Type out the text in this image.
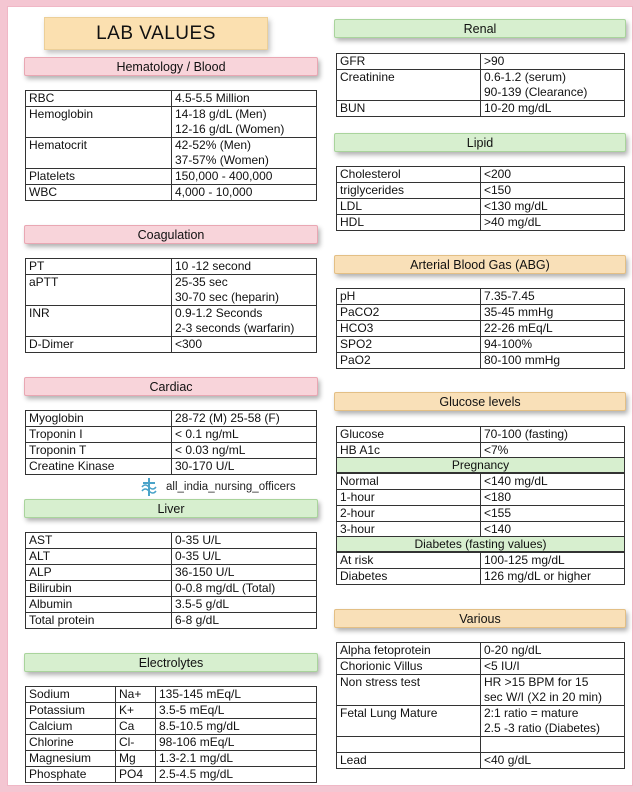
LAB VALUES
Hematology / Blood
RBC	4.5-5.5 Million
Hemoglobin	14-18 g/dL (Men)
12-16 g/dL (Women)
Hematocrit	42-52% (Men)
37-57% (Women)
Platelets	150,000 - 400,000
WBC	4,000 - 10,000
Coagulation
PT	10 -12 second
aPTT	25-35 sec
30-70 sec (heparin)
INR	0.9-1.2 Seconds
2-3 seconds (warfarin)
D-Dimer	<300
Cardiac
Myoglobin	28-72 (M) 25-58 (F)
Troponin I	< 0.1 ng/mL
Troponin T	< 0.03 ng/mL
Creatine Kinase	30-170 U/L
all_india_nursing_officers
Liver
AST	0-35 U/L
ALT	0-35 U/L
ALP	36-150 U/L
Bilirubin	0-0.8 mg/dL (Total)
Albumin	3.5-5 g/dL
Total protein	6-8 g/dL
Electrolytes
Sodium	Na+	135-145 mEq/L
Potassium	K+	3.5-5 mEq/L
Calcium	Ca	8.5-10.5 mg/dL
Chlorine	Cl-	98-106 mEq/L
Magnesium	Mg	1.3-2.1 mg/dL
Phosphate	PO4	2.5-4.5 mg/dL
Renal
GFR	>90
Creatinine	0.6-1.2 (serum)
90-139 (Clearance)
BUN	10-20 mg/dL
Lipid
Cholesterol	<200
triglycerides	<150
LDL	<130 mg/dL
HDL	>40 mg/dL
Arterial Blood Gas (ABG)
pH	7.35-7.45
PaCO2	35-45 mmHg
HCO3	22-26 mEq/L
SPO2	94-100%
PaO2	80-100 mmHg
Glucose levels
Glucose	70-100 (fasting)
HB A1c	<7%
Pregnancy
Normal	<140 mg/dL
1-hour	<180
2-hour	<155
3-hour	<140
Diabetes (fasting values)
At risk	100-125 mg/dL
Diabetes	126 mg/dL or higher
Various
Alpha fetoprotein	0-20 ng/dL
Chorionic Villus	<5 IU/I
Non stress test	HR >15 BPM for 15
sec W/I (X2 in 20 min)
Fetal Lung Mature	2:1 ratio = mature
2.5 -3 ratio (Diabetes)

Lead	<40 g/dL
